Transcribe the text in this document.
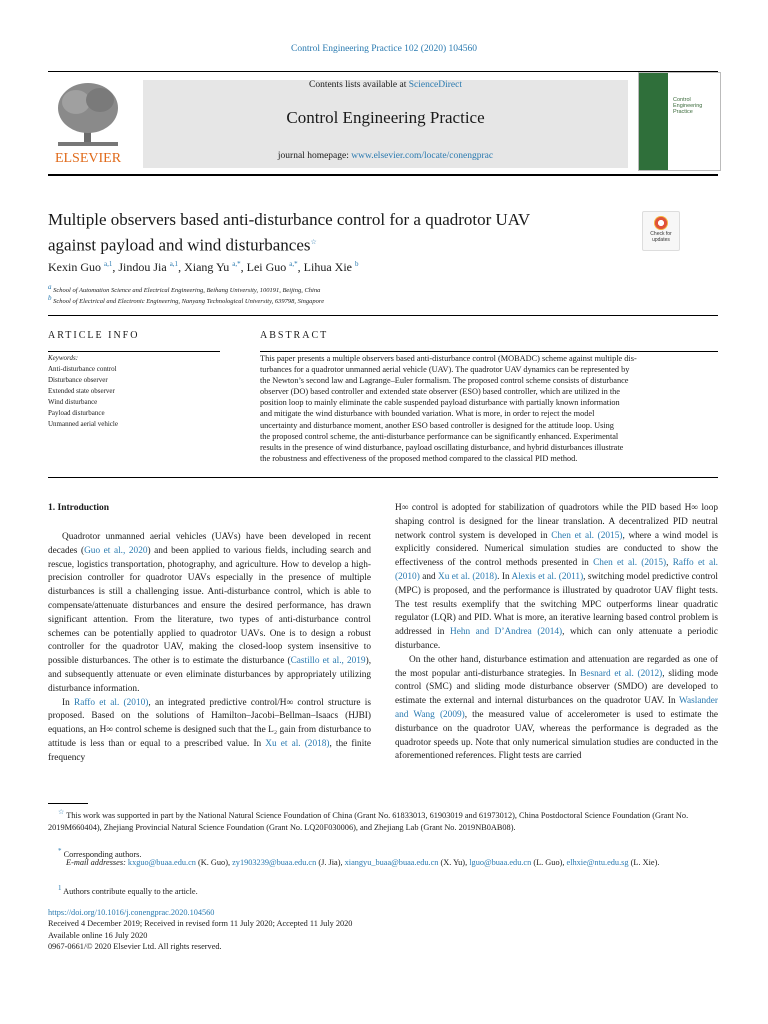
Control Engineering Practice 102 (2020) 104560
ELSEVIER
Contents lists available at ScienceDirect
Control Engineering Practice
journal homepage: www.elsevier.com/locate/conengprac
Control
Engineering
Practice
Multiple observers based anti-disturbance control for a quadrotor UAV
against payload and wind disturbances☆
Check for updates
Kexin Guo $^{a,1}$, Jindou Jia $^{a,1}$, Xiang Yu $^{a,*}$, Lei Guo $^{a,*}$, Lihua Xie $^b$
$^a$ School of Automation Science and Electrical Engineering, Beihang University, 100191, Beijing, China
$^b$ School of Electrical and Electronic Engineering, Nanyang Technological University, 639798, Singapore
ARTICLE INFO
Keywords:
Anti-disturbance control
Disturbance observer
Extended state observer
Wind disturbance
Payload disturbance
Unmanned aerial vehicle
ABSTRACT
This paper presents a multiple observers based anti-disturbance control (MOBADC) scheme against multiple dis-
turbances for a quadrotor unmanned aerial vehicle (UAV). The quadrotor UAV dynamics can be represented by
the Newton’s second law and Lagrange–Euler formalism. The proposed control scheme consists of disturbance
observer (DO) based controller and extended state observer (ESO) based controller, which are utilized in the
position loop to mainly eliminate the cable suspended payload disturbance with partially known information
and mitigate the wind disturbance with bounded variation. What is more, in order to reject the model
uncertainty and disturbance moment, another ESO based controller is designed for the attitude loop. Using
the proposed control scheme, the anti-disturbance performance can be significantly enhanced. Experimental
results in the presence of wind disturbance, payload oscillating disturbance, and hybrid disturbances illustrate
the robustness and effectiveness of the proposed method compared to the classical PID method.
1. Introduction

Quadrotor unmanned aerial vehicles (UAVs) have been developed in recent decades (Guo et al., 2020) and been applied to various fields, including search and rescue, logistics transportation, photography, and agriculture. How to develop a high-precision controller for quadrotor UAVs especially in the presence of multiple disturbances is still a challenging issue. Anti-disturbance control, which is able to compensate/attenuate disturbances and ensure the desired performance, has drawn significant attention. From the literature, two types of anti-disturbance control schemes can be potentially applied to quadrotor UAVs. One is to design a robust controller for the quadrotor UAV, making the closed-loop system insensitive to possible disturbances. The other is to estimate the disturbance (Castillo et al., 2019), and subsequently attenuate or even eliminate disturbances by appropriately utilizing disturbance information.

In Raffo et al. (2010), an integrated predictive control/H∞ control structure is proposed. Based on the solutions of Hamilton–Jacobi–Bellman–Isaacs (HJBI) equations, an H∞ control scheme is designed such that the L₂ gain from disturbance to attitude is less than or equal to a prescribed value. In Xu et al. (2018), the finite frequency

H∞ control is adopted for stabilization of quadrotors while the PID based H∞ loop shaping control is designed for the linear translation. A decentralized PID neutral network control system is developed in Chen et al. (2015), where a wind model is explicitly considered. Numerical simulation studies are conducted to show the effectiveness of the control methods presented in Chen et al. (2015), Raffo et al. (2010) and Xu et al. (2018). In Alexis et al. (2011), switching model predictive control (MPC) is proposed, and the performance is illustrated by quadrotor UAV flight tests. The test results exemplify that the switching MPC outperforms linear quadratic regulator (LQR) and PID. What is more, an iterative learning based control problem is addressed in Hehn and D’Andrea (2014), which can only attenuate a periodic disturbance.

On the other hand, disturbance estimation and attenuation are regarded as one of the most popular anti-disturbance strategies. In Besnard et al. (2012), sliding mode control (SMC) and sliding mode disturbance observer (SMDO) are developed to estimate the external and internal disturbances on the quadrotor UAV. In Waslander and Wang (2009), the measured value of accelerometer is used to estimate the disturbance on the quadrotor UAV, whereas the performance is degraded as the quadrotor speeds up. Note that only numerical simulation studies are conducted in the aforementioned references. Flight tests are carried

☆ This work was supported in part by the National Natural Science Foundation of China (Grant No. 61833013, 61903019 and 61973012), China Postdoctoral Science Foundation (Grant No. 2019M660404), Zhejiang Provincial Natural Science Foundation (Grant No. LQ20F030006), and Zhejiang Lab (Grant No. 2019NB0AB08).
* Corresponding authors.
E-mail addresses: kxguo@buaa.edu.cn (K. Guo), zy1903239@buaa.edu.cn (J. Jia), xiangyu_buaa@buaa.edu.cn (X. Yu), lguo@buaa.edu.cn (L. Guo), elhxie@ntu.edu.sg (L. Xie).
$^1$ Authors contribute equally to the article.
https://doi.org/10.1016/j.conengprac.2020.104560
Received 4 December 2019; Received in revised form 11 July 2020; Accepted 11 July 2020
Available online 16 July 2020
0967-0661/© 2020 Elsevier Ltd. All rights reserved.
